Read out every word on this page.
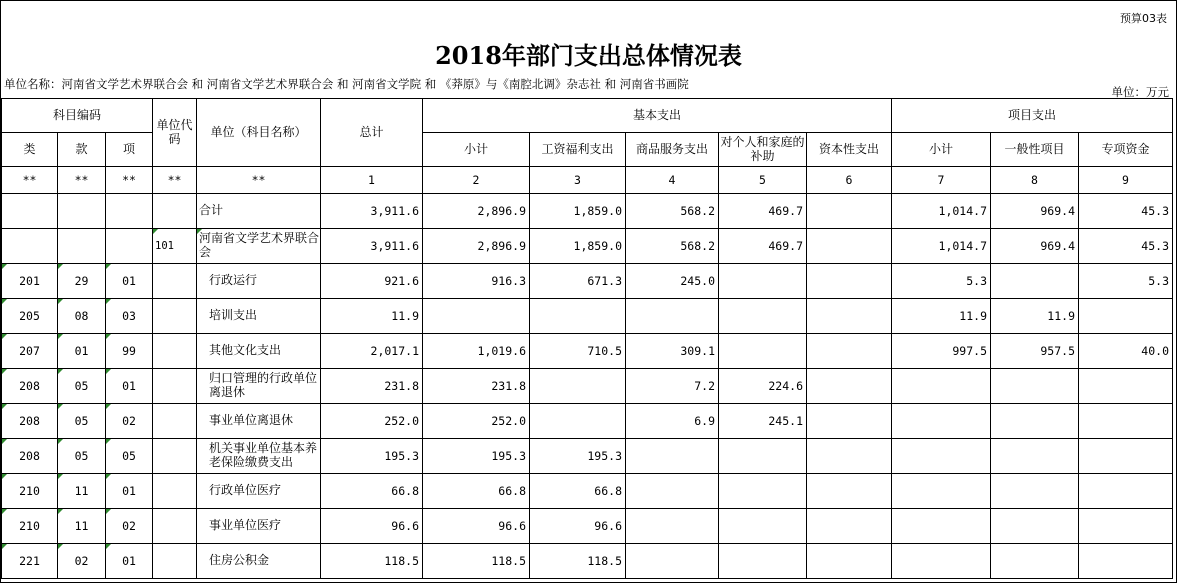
预算03表
2018年部门支出总体情况表
单位名称：河南省文学艺术界联合会 和 河南省文学艺术界联合会 和 河南省文学院 和 《莽原》与《南腔北调》杂志社 和 河南省书画院
单位：万元
科目编码			单位代码	单位（科目名称）	总计	基本支出					项目支出		
类	款	项				小计	工资福利支出	商品服务支出	对个人和家庭的补助	资本性支出	小计	一般性项目	专项资金
**	**	**	**	**	1	2	3	4	5	6	7	8	9
				合计	3,911.6	2,896.9	1,859.0	568.2	469.7		1,014.7	969.4	45.3
			101	河南省文学艺术界联合会	3,911.6	2,896.9	1,859.0	568.2	469.7		1,014.7	969.4	45.3
201	29	01		行政运行	921.6	916.3	671.3	245.0			5.3		5.3
205	08	03		培训支出	11.9						11.9	11.9	
207	01	99		其他文化支出	2,017.1	1,019.6	710.5	309.1			997.5	957.5	40.0
208	05	01		归口管理的行政单位离退休	231.8	231.8		7.2	224.6				
208	05	02		事业单位离退休	252.0	252.0		6.9	245.1				
208	05	05		机关事业单位基本养老保险缴费支出	195.3	195.3	195.3						
210	11	01		行政单位医疗	66.8	66.8	66.8						
210	11	02		事业单位医疗	96.6	96.6	96.6						
221	02	01		住房公积金	118.5	118.5	118.5						
